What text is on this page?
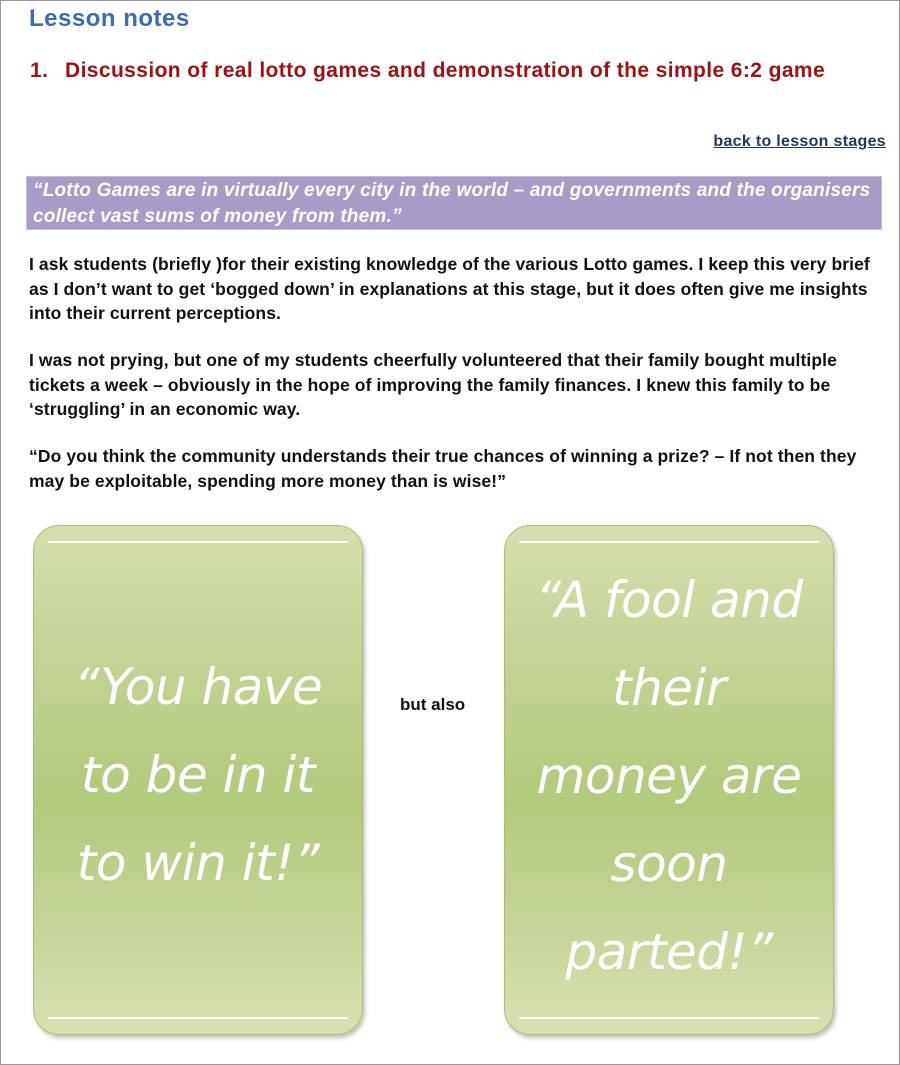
Lesson notes
1. Discussion of real lotto games and demonstration of the simple 6:2 game
back to lesson stages
“Lotto Games are in virtually every city in the world – and governments and the organisers collect vast sums of money from them.”

I ask students (briefly )for their existing knowledge of the various Lotto games. I keep this very brief as I don’t want to get ‘bogged down’ in explanations at this stage, but it does often give me insights into their current perceptions.

I was not prying, but one of my students cheerfully volunteered that their family bought multiple tickets a week – obviously in the hope of improving the family finances. I knew this family to be ‘struggling’ in an economic way.

“Do you think the community understands their true chances of winning a prize? – If not then they may be exploitable, spending more money than is wise!”

“You have
to be in it
to win it!”
but also
“A fool and
their
money are
soon
parted!”
